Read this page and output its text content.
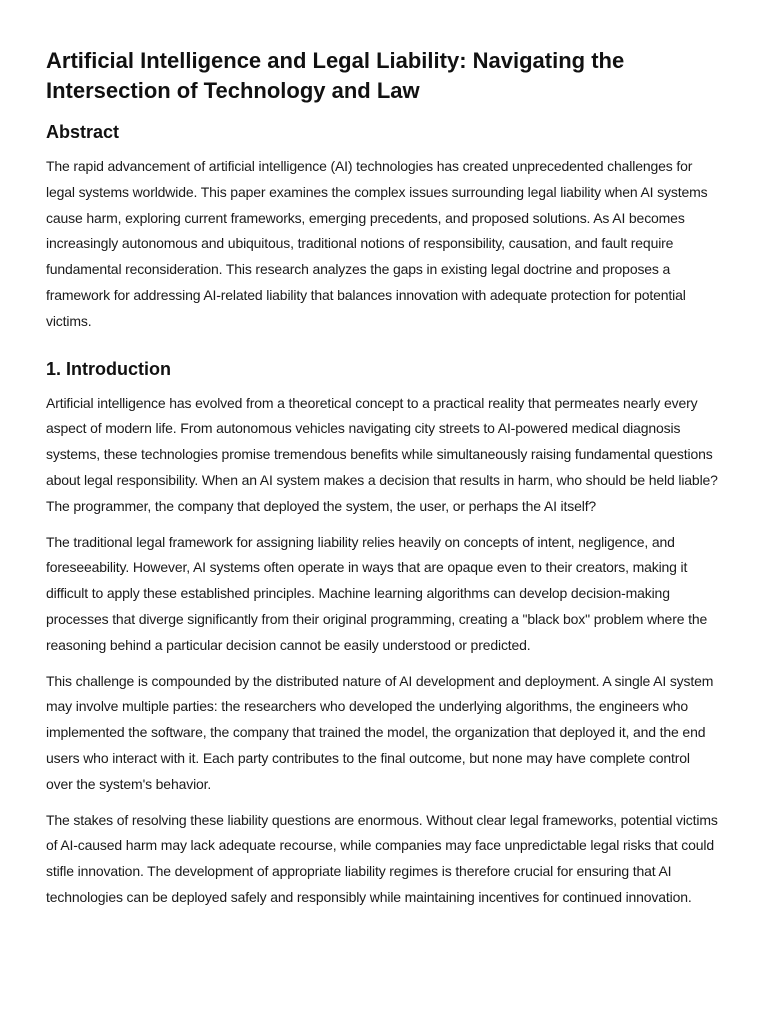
Artificial Intelligence and Legal Liability: Navigating the Intersection of Technology and Law
Abstract

The rapid advancement of artificial intelligence (AI) technologies has created unprecedented challenges for legal systems worldwide. This paper examines the complex issues surrounding legal liability when AI systems cause harm, exploring current frameworks, emerging precedents, and proposed solutions. As AI becomes increasingly autonomous and ubiquitous, traditional notions of responsibility, causation, and fault require fundamental reconsideration. This research analyzes the gaps in existing legal doctrine and proposes a framework for addressing AI-related liability that balances innovation with adequate protection for potential victims.

1. Introduction

Artificial intelligence has evolved from a theoretical concept to a practical reality that permeates nearly every aspect of modern life. From autonomous vehicles navigating city streets to AI-powered medical diagnosis systems, these technologies promise tremendous benefits while simultaneously raising fundamental questions about legal responsibility. When an AI system makes a decision that results in harm, who should be held liable? The programmer, the company that deployed the system, the user, or perhaps the AI itself?

The traditional legal framework for assigning liability relies heavily on concepts of intent, negligence, and foreseeability. However, AI systems often operate in ways that are opaque even to their creators, making it difficult to apply these established principles. Machine learning algorithms can develop decision-making processes that diverge significantly from their original programming, creating a "black box" problem where the reasoning behind a particular decision cannot be easily understood or predicted.

This challenge is compounded by the distributed nature of AI development and deployment. A single AI system may involve multiple parties: the researchers who developed the underlying algorithms, the engineers who implemented the software, the company that trained the model, the organization that deployed it, and the end users who interact with it. Each party contributes to the final outcome, but none may have complete control over the system's behavior.

The stakes of resolving these liability questions are enormous. Without clear legal frameworks, potential victims of AI-caused harm may lack adequate recourse, while companies may face unpredictable legal risks that could stifle innovation. The development of appropriate liability regimes is therefore crucial for ensuring that AI technologies can be deployed safely and responsibly while maintaining incentives for continued innovation.
